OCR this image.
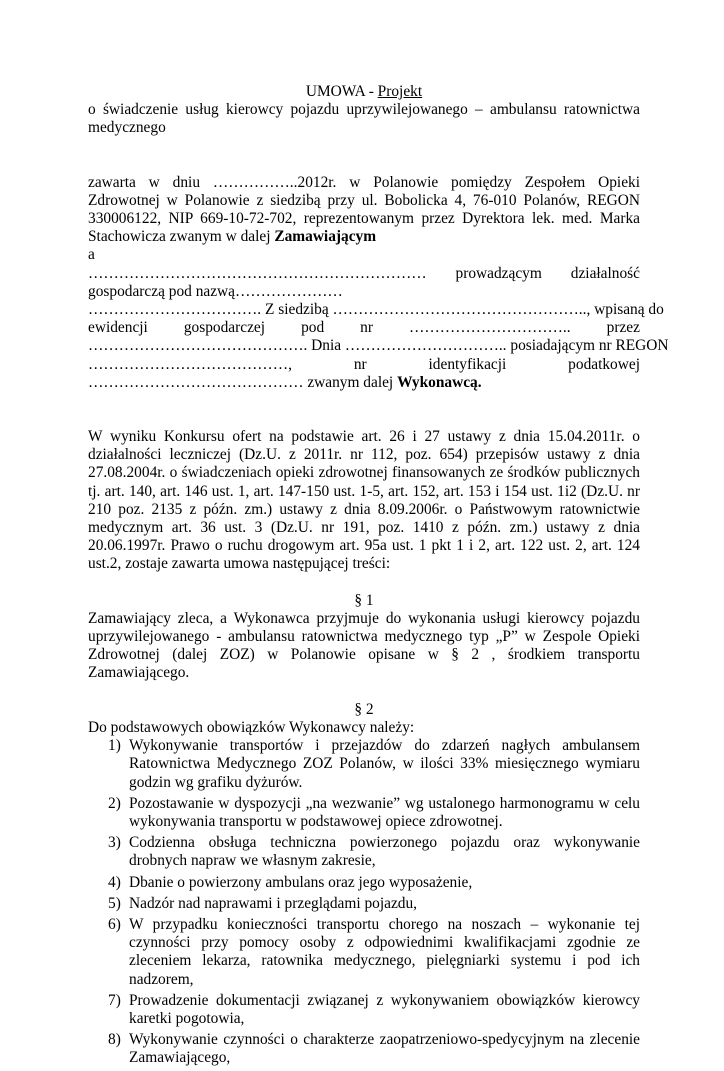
UMOWA - Projekt

o świadczenie usług kierowcy pojazdu uprzywilejowanego – ambulansu ratownictwa medycznego

zawarta w dniu ……………..2012r. w Polanowie pomiędzy Zespołem Opieki Zdrowotnej w Polanowie z siedzibą przy ul. Bobolicka 4, 76-010 Polanów, REGON 330006122, NIP 669-10-72-702, reprezentowanym przez Dyrektora lek. med. Marka Stachowicza zwanym w dalej Zamawiającym

a

………………………………………………………… prowadzącym działalność
gospodarczą pod nazwą…………………
……………………………. Z siedzibą ………………………………………….., wpisaną do
ewidencji gospodarczej pod nr ………………………….. przez
……………………………………. Dnia ………………………….. posiadającym nr REGON
…………………………………,	nr	identyfikacji	podatkowej

…………………………………… zwanym dalej Wykonawcą.

W wyniku Konkursu ofert na podstawie art. 26 i 27 ustawy z dnia 15.04.2011r. o działalności leczniczej (Dz.U. z 2011r. nr 112, poz. 654) przepisów ustawy z dnia 27.08.2004r. o świadczeniach opieki zdrowotnej finansowanych ze środków publicznych tj. art. 140, art. 146 ust. 1, art. 147-150 ust. 1-5, art. 152, art. 153 i 154 ust. 1i2 (Dz.U. nr 210 poz. 2135 z późn. zm.) ustawy z dnia 8.09.2006r. o Państwowym ratownictwie medycznym art. 36 ust. 3 (Dz.U. nr 191, poz. 1410 z późn. zm.) ustawy z dnia 20.06.1997r. Prawo o ruchu drogowym art. 95a ust. 1 pkt 1 i 2, art. 122 ust. 2, art. 124 ust.2, zostaje zawarta umowa następującej treści:

§ 1

Zamawiający zleca, a Wykonawca przyjmuje do wykonania usługi kierowcy pojazdu uprzywilejowanego - ambulansu ratownictwa medycznego typ „P” w Zespole Opieki Zdrowotnej (dalej ZOZ) w Polanowie opisane w § 2 , środkiem transportu Zamawiającego.

§ 2

Do podstawowych obowiązków Wykonawcy należy:

1) Wykonywanie transportów i przejazdów do zdarzeń nagłych ambulansem Ratownictwa Medycznego ZOZ Polanów, w ilości 33% miesięcznego wymiaru godzin wg grafiku dyżurów.
2) Pozostawanie w dyspozycji „na wezwanie” wg ustalonego harmonogramu w celu wykonywania transportu w podstawowej opiece zdrowotnej.
3) Codzienna obsługa techniczna powierzonego pojazdu oraz wykonywanie drobnych napraw we własnym zakresie,
4) Dbanie o powierzony ambulans oraz jego wyposażenie,
5) Nadzór nad naprawami i przeglądami pojazdu,
6) W przypadku konieczności transportu chorego na noszach – wykonanie tej czynności przy pomocy osoby z odpowiednimi kwalifikacjami zgodnie ze zleceniem lekarza, ratownika medycznego, pielęgniarki systemu i pod ich nadzorem,
7) Prowadzenie dokumentacji związanej z wykonywaniem obowiązków kierowcy karetki pogotowia,
8) Wykonywanie czynności o charakterze zaopatrzeniowo-spedycyjnym na zlecenie Zamawiającego,
